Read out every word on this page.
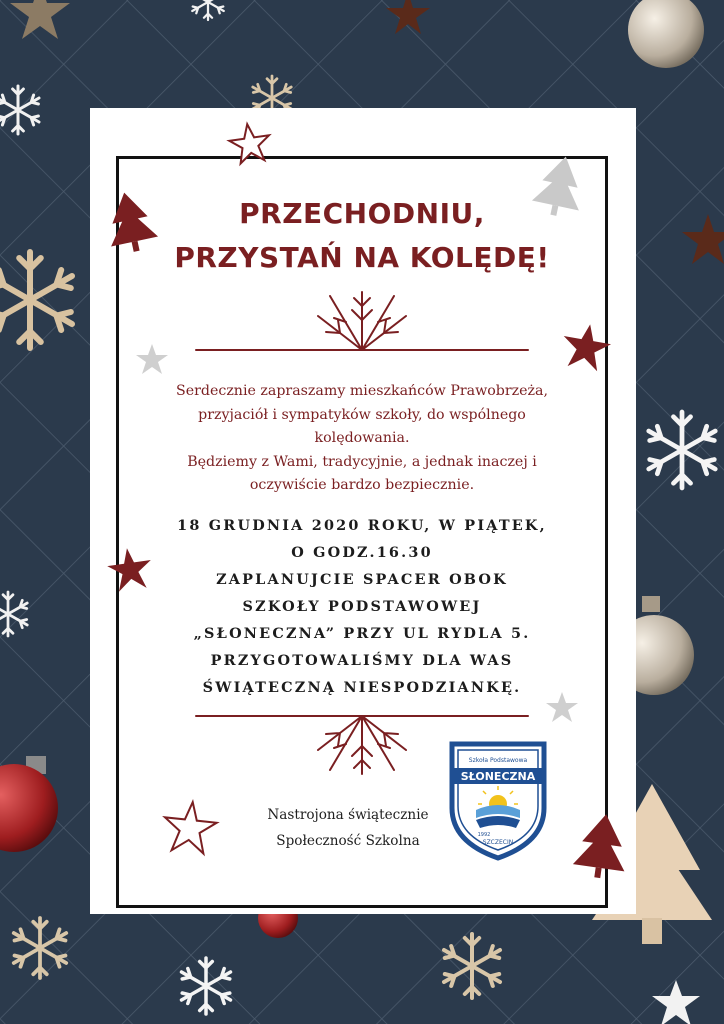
PRZECHODNIU,
PRZYSTAŃ NA KOLĘDĘ!

Serdecznie zapraszamy mieszkańców Prawobrzeża,
przyjaciół i sympatyków szkoły, do wspólnego
kolędowania.
Będziemy z Wami, tradycyjnie, a jednak inaczej i
oczywiście bardzo bezpiecznie.

18 GRUDNIA 2020 ROKU, W PIĄTEK,
O GODZ.16.30
ZAPLANUJCIE SPACER OBOK
SZKOŁY PODSTAWOWEJ
„SŁONECZNA” PRZY UL RYDLA 5.
PRZYGOTOWALIŚMY DLA WAS
ŚWIĄTECZNĄ NIESPODZIANKĘ.

Nastrojona świątecznie
Społeczność Szkolna

Szkoła Podstawowa
SŁONECZNA
1992
SZCZECIN
